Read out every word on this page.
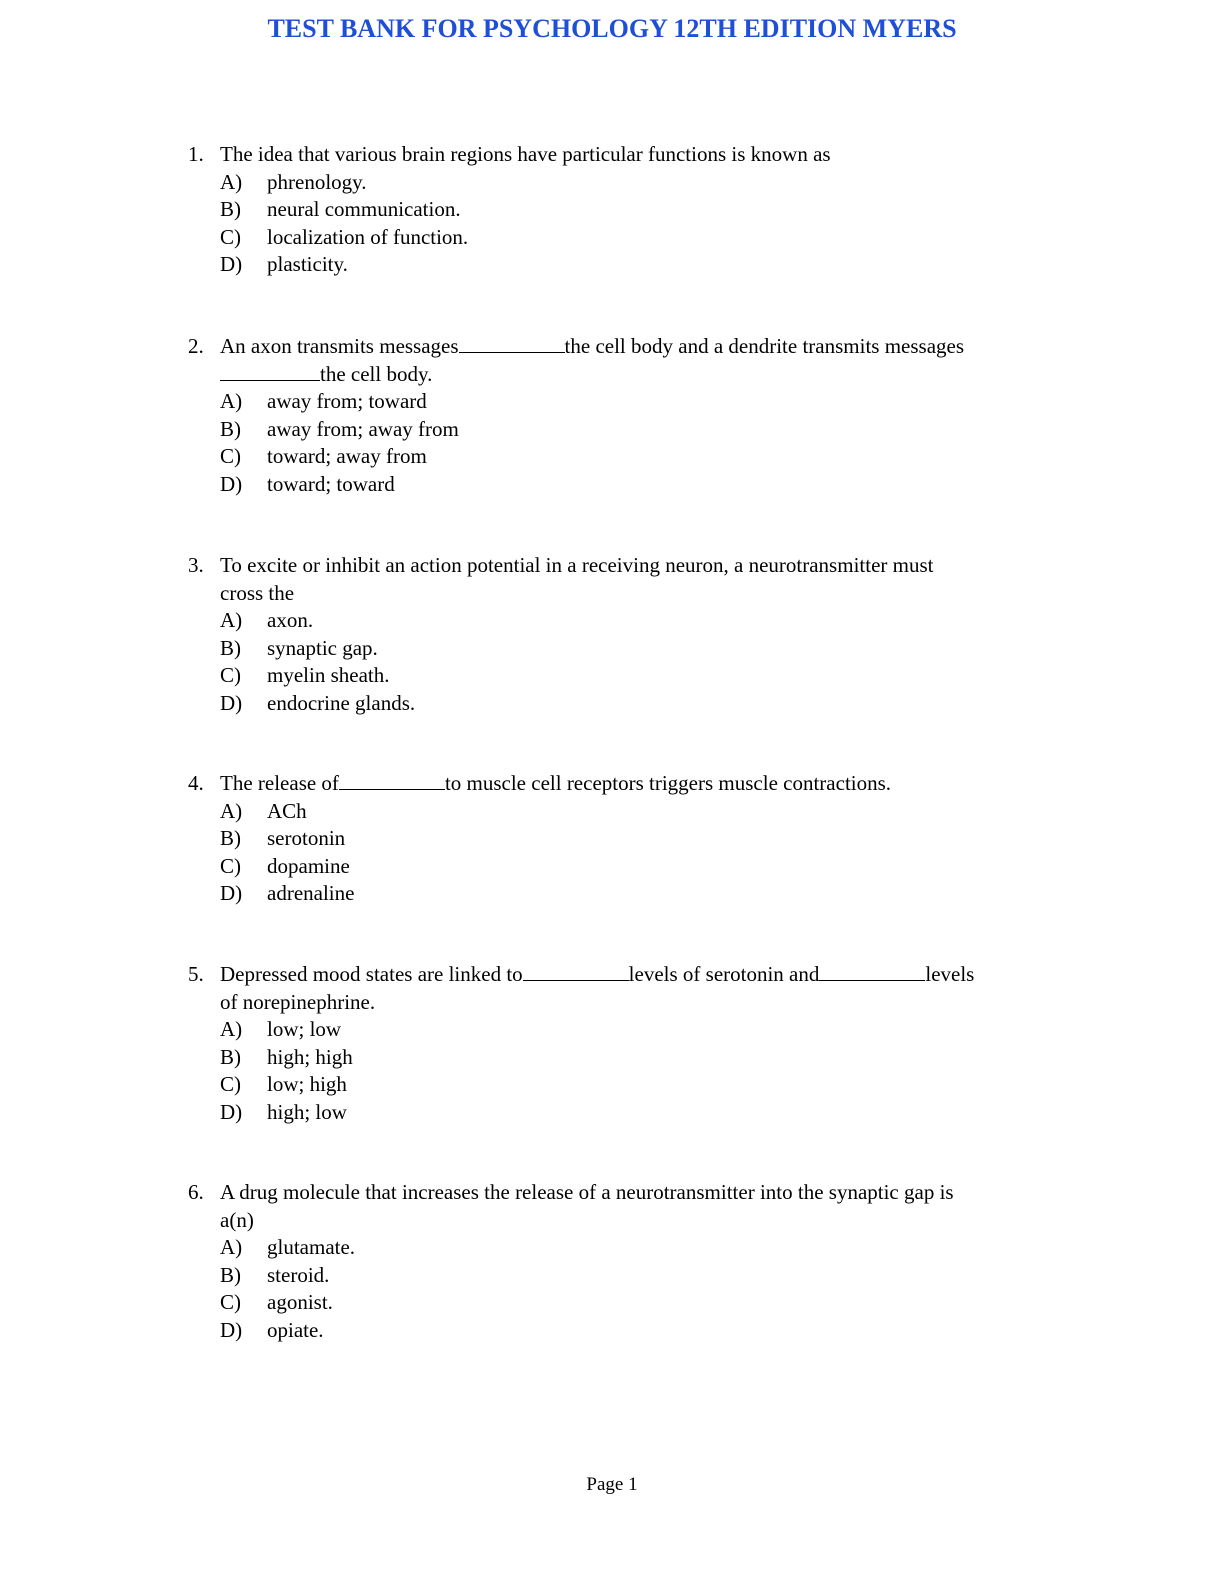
TEST BANK FOR PSYCHOLOGY 12TH EDITION MYERS
1. The idea that various brain regions have particular functions is known as
A)	phrenology.
B)	neural communication.
C)	localization of function.
D)	plasticity.
2. An axon transmits messages	the cell body and a dendrite transmits messages
the cell body.
A)	away from; toward
B)	away from; away from
C)	toward; away from
D)	toward; toward
3. To excite or inhibit an action potential in a receiving neuron, a neurotransmitter must
cross the
A)	axon.
B)	synaptic gap.
C)	myelin sheath.
D)	endocrine glands.
4. The release of	to muscle cell receptors triggers muscle contractions.
A)	ACh
B)	serotonin
C)	dopamine
D)	adrenaline
5. Depressed mood states are linked to	levels of serotonin and	levels
of norepinephrine.
A)	low; low
B)	high; high
C)	low; high
D)	high; low
6. A drug molecule that increases the release of a neurotransmitter into the synaptic gap is
a(n)
A)	glutamate.
B)	steroid.
C)	agonist.
D)	opiate.
Page 1
